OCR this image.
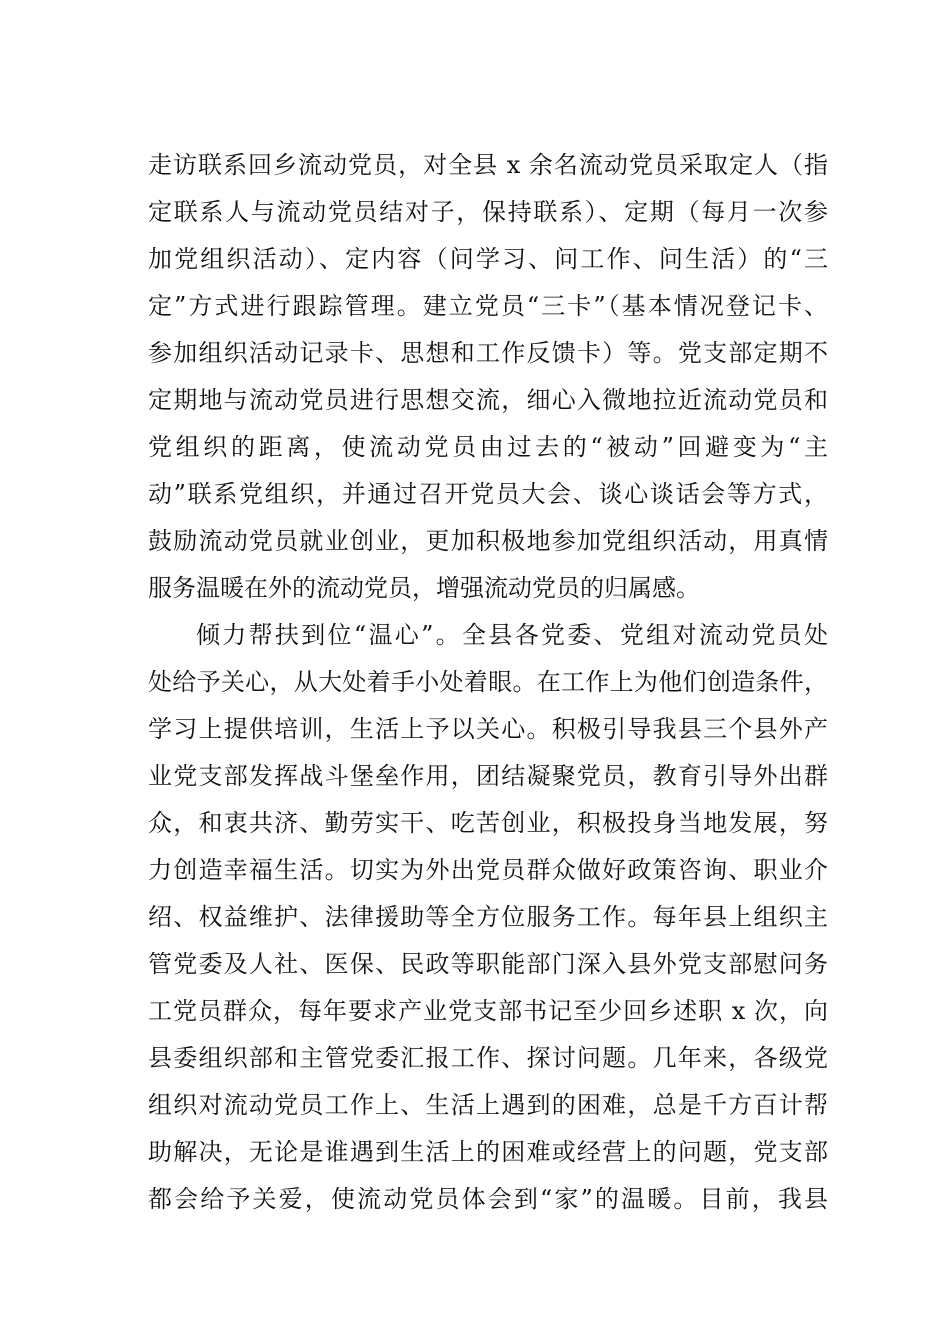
走访联系回乡流动党员，对全县 x 余名流动党员采取定人（指
定联系人与流动党员结对子，保持联系）、定期（每月一次参
加党组织活动）、定内容（问学习、问工作、问生活）的“三
定”方式进行跟踪管理。建立党员“三卡”（基本情况登记卡、
参加组织活动记录卡、思想和工作反馈卡）等。党支部定期不
定期地与流动党员进行思想交流，细心入微地拉近流动党员和
党组织的距离，使流动党员由过去的“被动”回避变为“主
动”联系党组织，并通过召开党员大会、谈心谈话会等方式，
鼓励流动党员就业创业，更加积极地参加党组织活动，用真情
服务温暖在外的流动党员，增强流动党员的归属感。
倾力帮扶到位“温心”。全县各党委、党组对流动党员处
处给予关心，从大处着手小处着眼。在工作上为他们创造条件，
学习上提供培训，生活上予以关心。积极引导我县三个县外产
业党支部发挥战斗堡垒作用，团结凝聚党员，教育引导外出群
众，和衷共济、勤劳实干、吃苦创业，积极投身当地发展，努
力创造幸福生活。切实为外出党员群众做好政策咨询、职业介
绍、权益维护、法律援助等全方位服务工作。每年县上组织主
管党委及人社、医保、民政等职能部门深入县外党支部慰问务
工党员群众，每年要求产业党支部书记至少回乡述职 x 次，向
县委组织部和主管党委汇报工作、探讨问题。几年来，各级党
组织对流动党员工作上、生活上遇到的困难，总是千方百计帮
助解决，无论是谁遇到生活上的困难或经营上的问题，党支部
都会给予关爱，使流动党员体会到“家”的温暖。目前，我县
